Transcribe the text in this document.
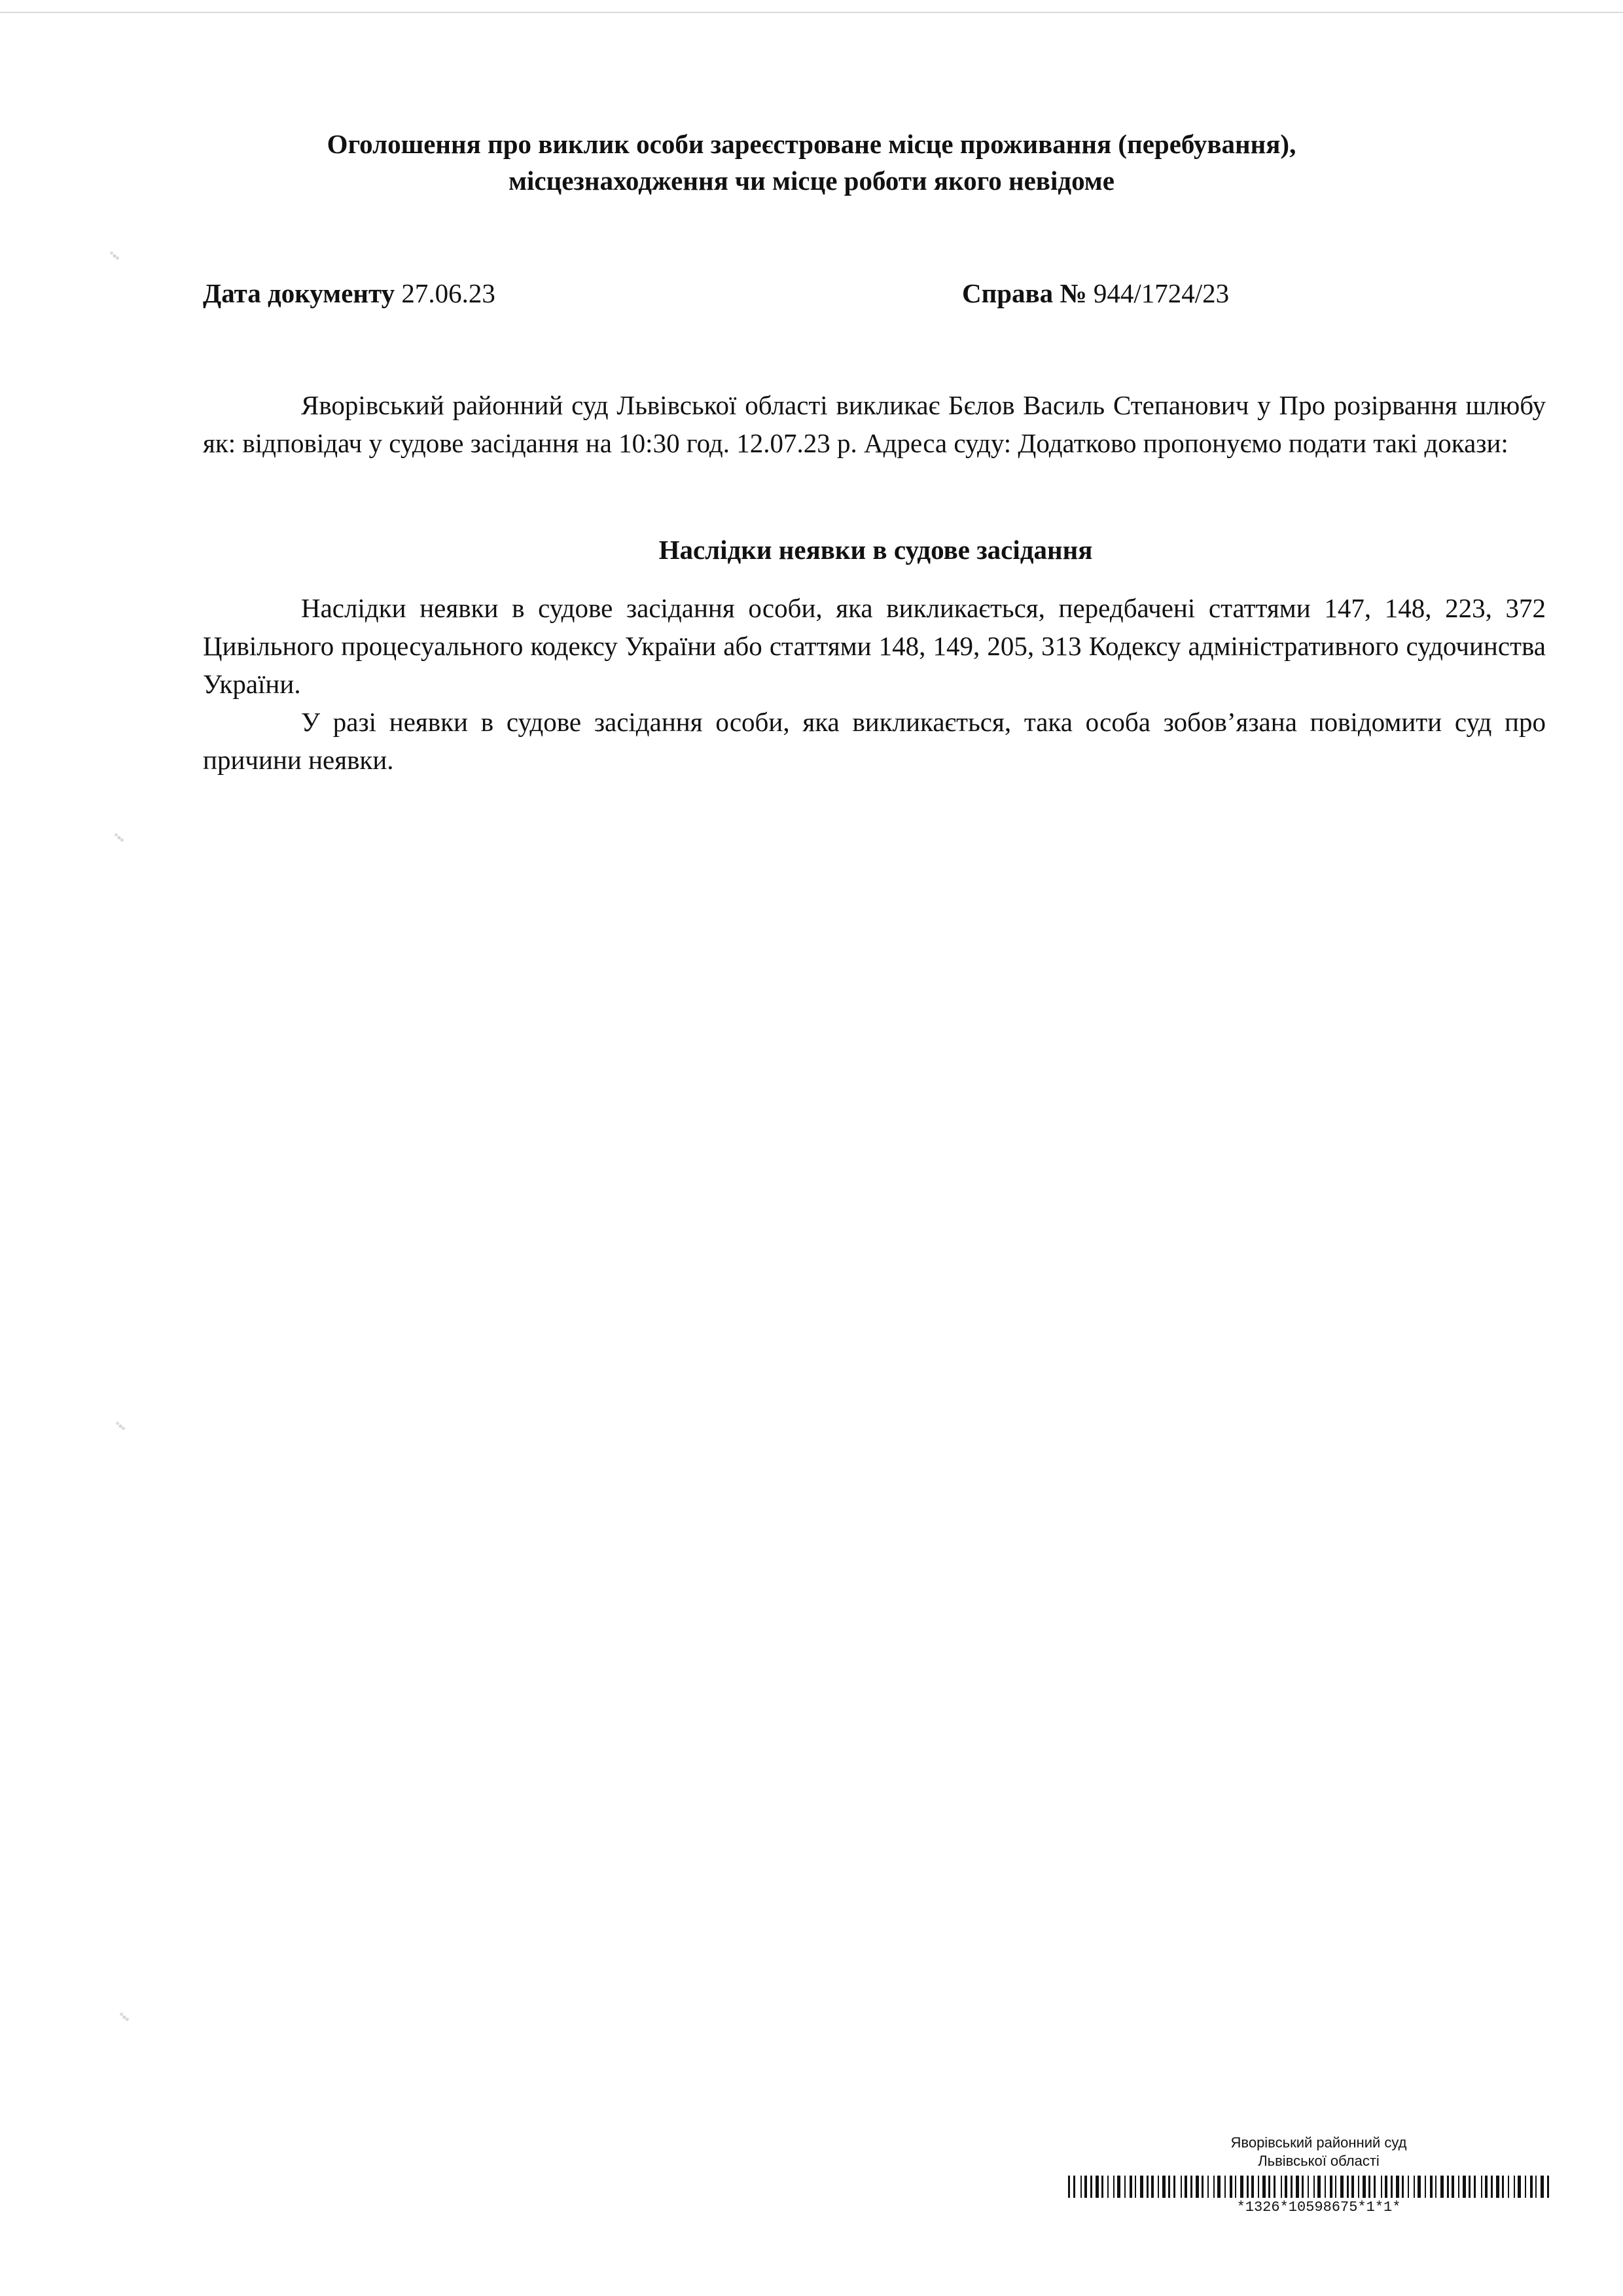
Оголошення про виклик особи зареєстроване місце проживання (перебування),
місцезнаходження чи місце роботи якого невідоме
Дата документу 27.06.23	Справа № 944/1724/23
Яворівський районний суд Львівської області викликає Бєлов Василь Степанович у Про розірвання шлюбу як: відповідач у судове засідання на 10:30 год. 12.07.23 р. Адреса суду: Додатково пропонуємо подати такі докази:
Наслідки неявки в судове засідання
Наслідки неявки в судове засідання особи, яка викликається, передбачені статтями 147, 148, 223, 372 Цивільного процесуального кодексу України або статтями 148, 149, 205, 313 Кодексу адміністративного судочинства України.
У разі неявки в судове засідання особи, яка викликається, така особа зобов’язана повідомити суд про причини неявки.
Яворівський районний суд
Львівської області
*1326*10598675*1*1*
